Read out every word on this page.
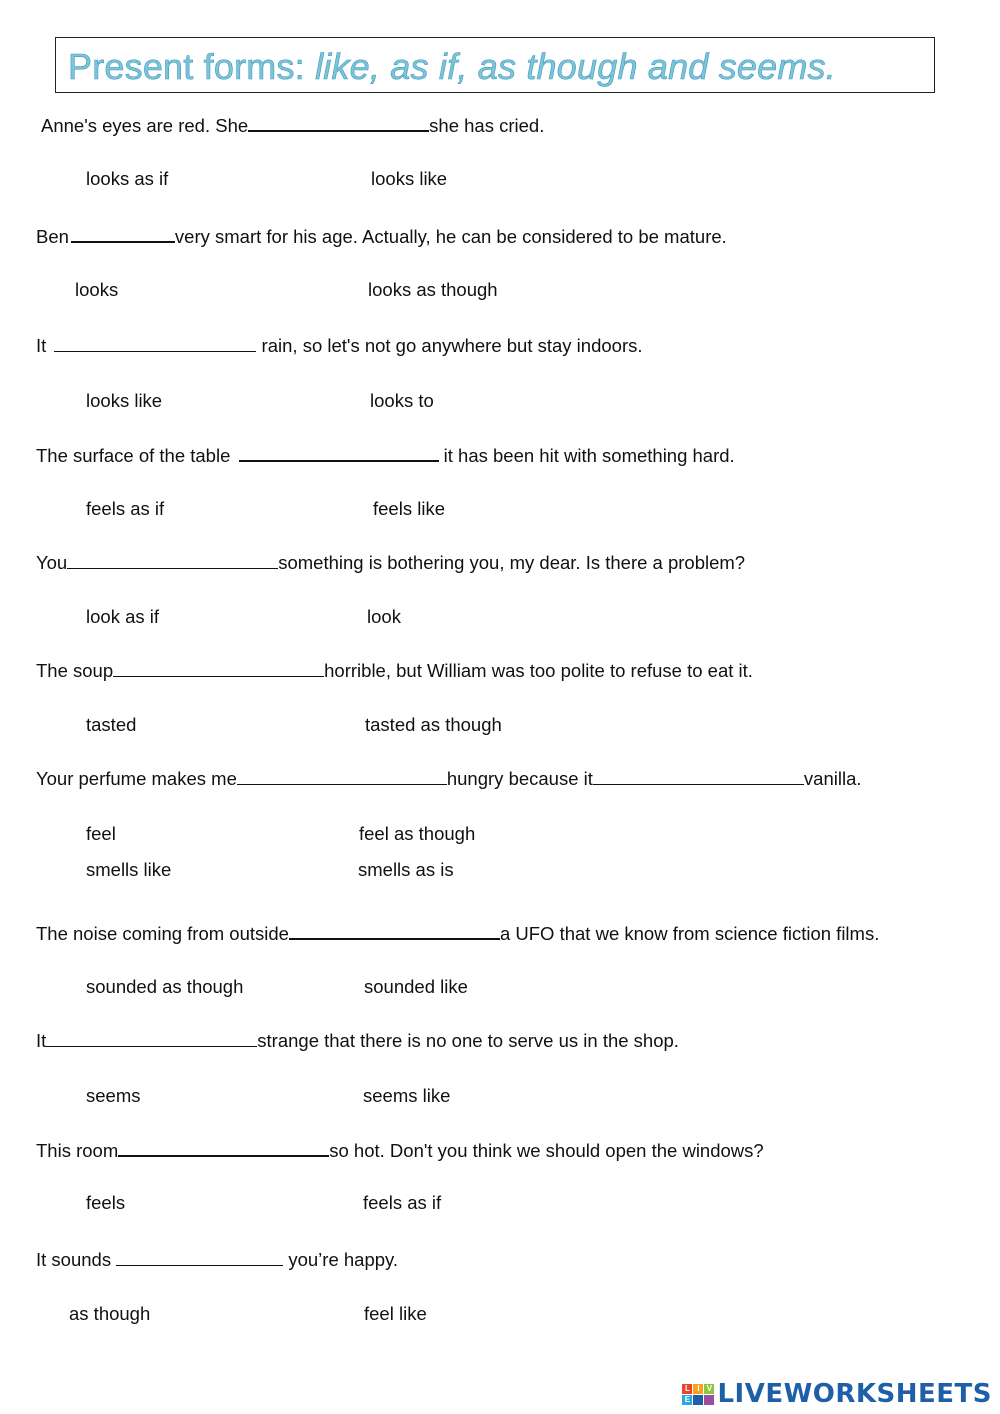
Present forms: like, as if, as though and seems.
Anne's eyes are red. She	she has cried.
looks as if	looks like
Ben	very smart for his age. Actually, he can be considered to be mature.
looks	looks as though
It	rain, so let's not go anywhere but stay indoors.
looks like	looks to
The surface of the table	it has been hit with something hard.
feels as if	feels like
You	something is bothering you, my dear. Is there a problem?
look as if	look
The soup	horrible, but William was too polite to refuse to eat it.
tasted	tasted as though
Your perfume makes me	hungry because it	vanilla.
feel	feel as though
smells like	smells as is
The noise coming from outside	a UFO that we know from science fiction films.
sounded as though	sounded like
It	strange that there is no one to serve us in the shop.
seems	seems like
This room	so hot. Don't you think we should open the windows?
feels	feels as if
It sounds	you’re happy.
as though	feel like
L I V
E LIVEWORKSHEETS
